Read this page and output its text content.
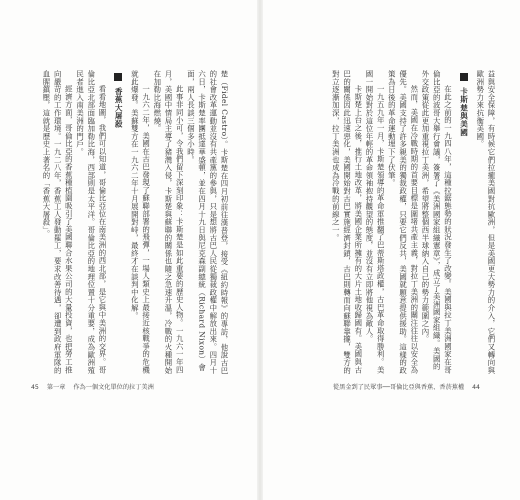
益與安全保障，有時候它們拉攏美國對抗歐洲，但是美國更大勢力的介入，它們又轉向與歐洲勢力來抗衡美國。

卡斯楚與美國

在此之前的一九四八年，這種拉鋸態勢的狀況發生了改變。美國與拉丁美洲國家在哥倫比亞的波哥大舉行會議，簽署了《美洲國家組織憲章》，成立了美洲國家組織。美國的外交政策從此更加重視拉丁美洲，希望將整個西半球納入自己的勢力範圍之內。

然而，美國在冷戰時期的首要目標是圍堵共產主義，對拉丁美洲的關注往往以安全為優先。美國支持了許多親美的獨裁政權，只要它們反共，美國就願意提供援助。這樣的政策為日後的革命運動埋下了伏筆。

一九五九年一月，卡斯楚領導的革命軍推翻了巴蒂斯塔政權，古巴革命取得勝利。美國一開始對於這位年輕的革命領袖抱持觀望的態度，並沒有立即將他視為敵人。

卡斯楚上台之後，推行土地改革，將美國企業所擁有的大片土地收歸國有。美國與古巴的關係因此迅速惡化，美國開始對古巴實施經濟封鎖，古巴則轉而向蘇聯靠攏，雙方的對立逐漸加深，拉丁美洲也成為冷戰的前線之一。

楚（Fidel Castro）。卡斯楚在四月初前往漢普登，接受《紐約時報》的專訪，他說古巴的社會改革運動並沒有共產黨的參與，只是想將古巴人民從獨裁政權中解放出來。四月十六日，卡斯楚率團抵達華盛頓，並在四月十九日與尼克森副總統（Richard Nixon）會面，兩人長談三個多小時。

此事非同小可，令我們留下深刻印象：卡斯楚是如此重要的歷史人物。一九六一年四月，美國中情局主導了豬灣入侵，卡斯楚與蘇聯的關係也隨之急速升溫，冷戰的火種開始在加勒比海燃燒。

一九六二年，美國在古巴發現了蘇聯部署的飛彈，一場人類史上最接近核戰爭的危機就此爆發。美蘇雙方在一九六二年十月展開對峙，最終才在談判中化解。

香蕉大屠殺

看看地圖，我們可以知道，哥倫比亞位在南美洲的西北部，是它與中美洲的交界。哥倫比亞北部面臨加勒比海，西部則是太平洋。哥倫比亞的地理位置十分重要，成為歐洲殖民者進入南美洲的門戶。

經濟方面，哥倫比亞的香蕉種植園吸引了美國聯合水果公司的大量投資，也把勞工推向嚴苛的工作環境。一九二八年，香蕉工人發動罷工，要求改善待遇，卻遭到政府軍隊的血腥鎮壓，這就是歷史上著名的「香蕉大屠殺」。

45 第一章 作為一個文化單位的拉丁美洲	從黑金到了民眾事──哥倫比亞與香蕉、香菸蕉權 44
